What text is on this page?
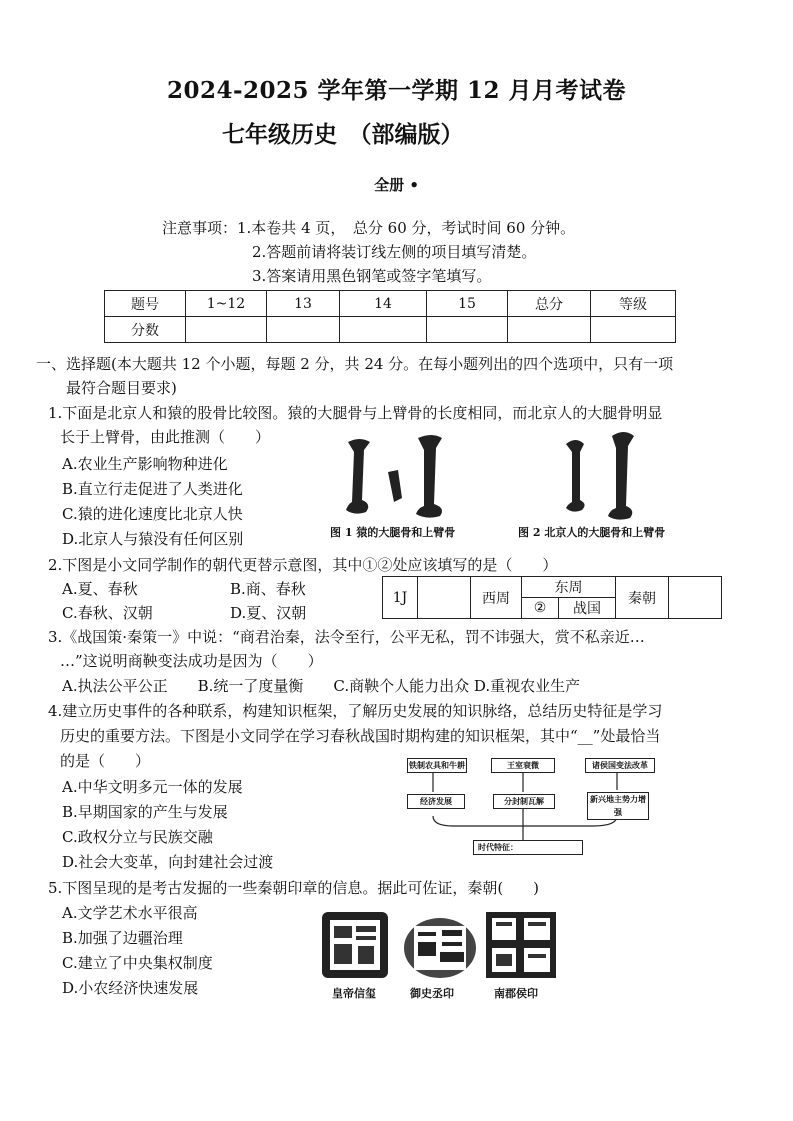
2024-2025 学年第一学期 12 月月考试卷
七年级历史　（部编版）
全册 •
注意事项：1.本卷共 4 页，　总分 60 分，考试时间 60 分钟。
2.答题前请将装订线左侧的项目填写清楚。
3.答案请用黑色钢笔或签字笔填写。
题号	1~12	13	14	15	总分	等级
分数						
一、选择题(本大题共 12 个小题，每题 2 分，共 24 分。在每小题列出的四个选项中，只有一项
最符合题目要求)
1.下面是北京人和猿的股骨比较图。猿的大腿骨与上臂骨的长度相同，而北京人的大腿骨明显
长于上臂骨，由此推测（　　）
A.农业生产影响物种进化
B.直立行走促进了人类进化
C.猿的进化速度比北京人快
D.北京人与猿没有任何区别	图 1 猿的大腿骨和上臂骨	图 2 北京人的大腿骨和上臂骨
2.下图是小文同学制作的朝代更替示意图，其中①②处应该填写的是（　　）
A.夏、春秋	B.商、春秋
C.春秋、汉朝	D.夏、汉朝
1J		西周	东周		秦朝	
			②	战国		
3.《战国策·秦策一》中说：“商君治秦，法令至行，公平无私，罚不讳强大，赏不私亲近…
…”这说明商鞅变法成功是因为（　　）
A.执法公平公正　　B.统一了度量衡　　C.商鞅个人能力出众 D.重视农业生产
4.建立历史事件的各种联系，构建知识框架，了解历史发展的知识脉络，总结历史特征是学习
历史的重要方法。下图是小文同学在学习春秋战国时期构建的知识框架，其中“__”处最恰当
的是（　　）
A.中华文明多元一体的发展
B.早期国家的产生与发展
C.政权分立与民族交融
D.社会大变革，向封建社会过渡
铁制农具和牛耕	王室衰微	诸侯国变法改革
经济发展	分封制瓦解	新兴地主势力增强
时代特征：
5.下图呈现的是考古发掘的一些秦朝印章的信息。据此可佐证，秦朝(　　)
A.文学艺术水平很高
B.加强了边疆治理
C.建立了中央集权制度
D.小农经济快速发展	皇帝信玺	御史丞印	南郡侯印
